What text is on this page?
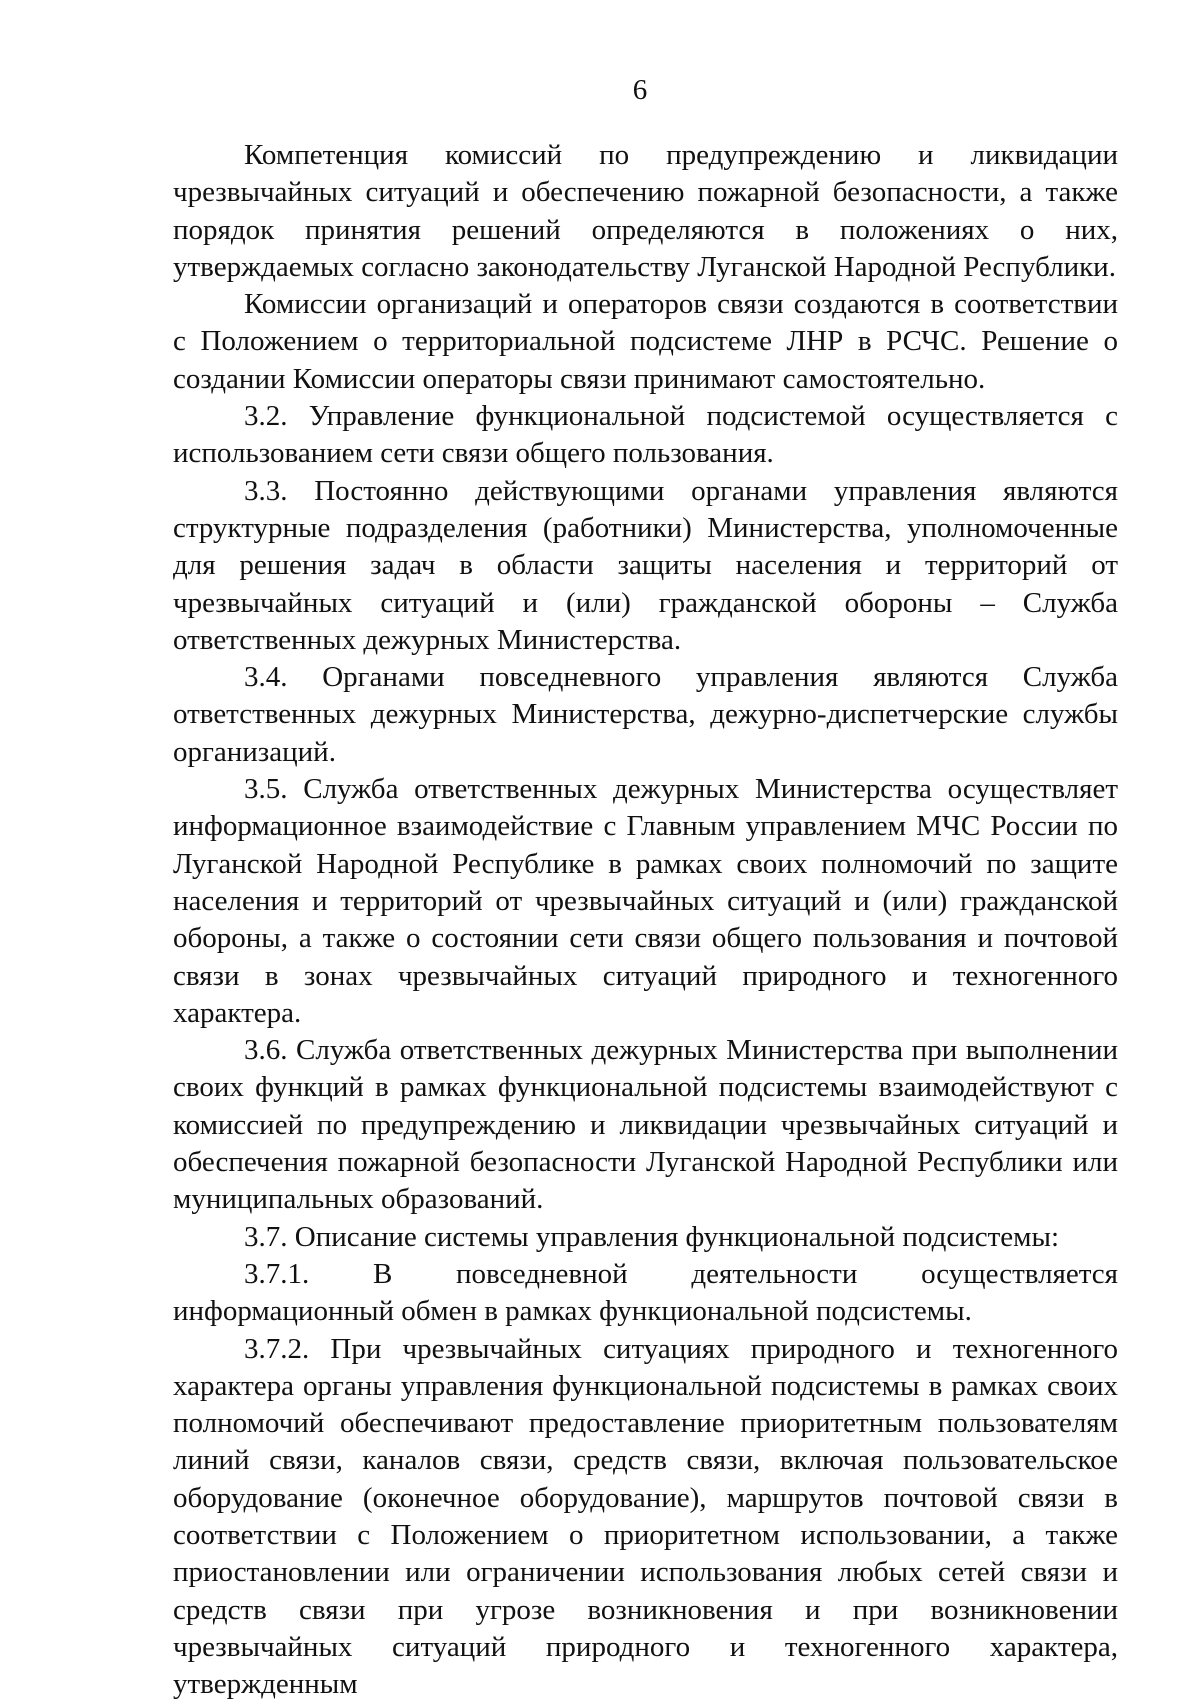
6

Компетенция комиссий по предупреждению и ликвидации чрезвычайных ситуаций и обеспечению пожарной безопасности, а также порядок принятия решений определяются в положениях о них, утверждаемых согласно законодательству Луганской Народной Республики.

Комиссии организаций и операторов связи создаются в соответствии с Положением о территориальной подсистеме ЛНР в РСЧС. Решение о создании Комиссии операторы связи принимают самостоятельно.

3.2. Управление функциональной подсистемой осуществляется с использованием сети связи общего пользования.

3.3. Постоянно действующими органами управления являются структурные подразделения (работники) Министерства, уполномоченные для решения задач в области защиты населения и территорий от чрезвычайных ситуаций и (или) гражданской обороны – Служба ответственных дежурных Министерства.

3.4. Органами повседневного управления являются Служба ответственных дежурных Министерства, дежурно-диспетчерские службы организаций.

3.5. Служба ответственных дежурных Министерства осуществляет информационное взаимодействие с Главным управлением МЧС России по Луганской Народной Республике в рамках своих полномочий по защите населения и территорий от чрезвычайных ситуаций и (или) гражданской обороны, а также о состоянии сети связи общего пользования и почтовой связи в зонах чрезвычайных ситуаций природного и техногенного характера.

3.6. Служба ответственных дежурных Министерства при выполнении своих функций в рамках функциональной подсистемы взаимодействуют с комиссией по предупреждению и ликвидации чрезвычайных ситуаций и обеспечения пожарной безопасности Луганской Народной Республики или муниципальных образований.

3.7. Описание системы управления функциональной подсистемы:

3.7.1. В повседневной деятельности осуществляется информационный обмен в рамках функциональной подсистемы.

3.7.2. При чрезвычайных ситуациях природного и техногенного характера органы управления функциональной подсистемы в рамках своих полномочий обеспечивают предоставление приоритетным пользователям линий связи, каналов связи, средств связи, включая пользовательское оборудование (оконечное оборудование), маршрутов почтовой связи в соответствии с Положением о приоритетном использовании, а также приостановлении или ограничении использования любых сетей связи и средств связи при угрозе возникновения и при возникновении чрезвычайных ситуаций природного и техногенного характера, утвержденным
